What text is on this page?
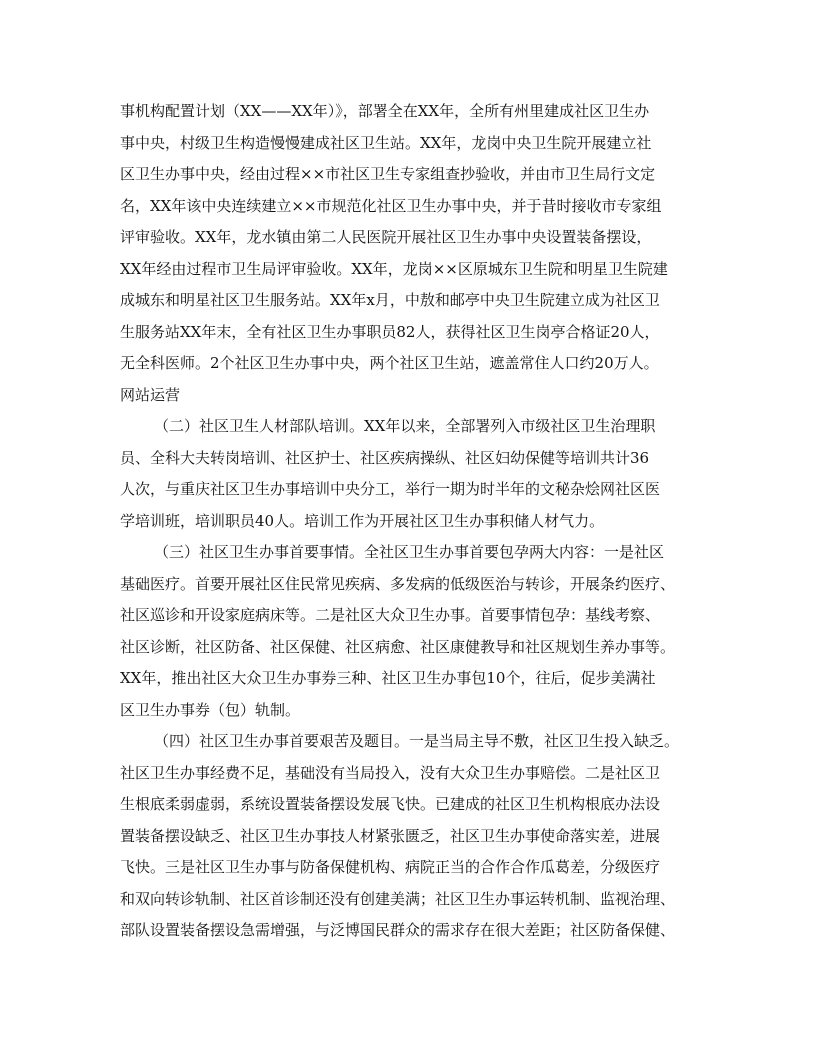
事机构配置计划（XX——XX年）》，部署全在XX年，全所有州里建成社区卫生办
事中央，村级卫生构造慢慢建成社区卫生站。XX年，龙岗中央卫生院开展建立社
区卫生办事中央，经由过程××市社区卫生专家组查抄验收，并由市卫生局行文定
名，XX年该中央连续建立××市规范化社区卫生办事中央，并于昔时接收市专家组
评审验收。XX年，龙水镇由第二人民医院开展社区卫生办事中央设置装备摆设，
XX年经由过程市卫生局评审验收。XX年，龙岗××区原城东卫生院和明星卫生院建
成城东和明星社区卫生服务站。XX年x月，中敖和邮亭中央卫生院建立成为社区卫
生服务站XX年末，全有社区卫生办事职员82人，获得社区卫生岗亭合格证20人，
无全科医师。2个社区卫生办事中央，两个社区卫生站，遮盖常住人口约20万人。
网站运营
（二）社区卫生人材部队培训。XX年以来，全部署列入市级社区卫生治理职
员、全科大夫转岗培训、社区护士、社区疾病操纵、社区妇幼保健等培训共计36
人次，与重庆社区卫生办事培训中央分工，举行一期为时半年的文秘杂烩网社区医
学培训班，培训职员40人。培训工作为开展社区卫生办事积储人材气力。
（三）社区卫生办事首要事情。全社区卫生办事首要包孕两大内容：一是社区
基础医疗。首要开展社区住民常见疾病、多发病的低级医治与转诊，开展条约医疗、
社区巡诊和开设家庭病床等。二是社区大众卫生办事。首要事情包孕：基线考察、
社区诊断，社区防备、社区保健、社区病愈、社区康健教导和社区规划生养办事等。
XX年，推出社区大众卫生办事券三种、社区卫生办事包10个，往后，促步美满社
区卫生办事券（包）轨制。
（四）社区卫生办事首要艰苦及题目。一是当局主导不敷，社区卫生投入缺乏。
社区卫生办事经费不足，基础没有当局投入，没有大众卫生办事赔偿。二是社区卫
生根底柔弱虚弱，系统设置装备摆设发展飞快。已建成的社区卫生机构根底办法设
置装备摆设缺乏、社区卫生办事技人材紧张匮乏，社区卫生办事使命落实差，进展
飞快。三是社区卫生办事与防备保健机构、病院正当的合作合作瓜葛差，分级医疗
和双向转诊轨制、社区首诊制还没有创建美满；社区卫生办事运转机制、监视治理、
部队设置装备摆设急需增强，与泛博国民群众的需求存在很大差距；社区防备保健、
